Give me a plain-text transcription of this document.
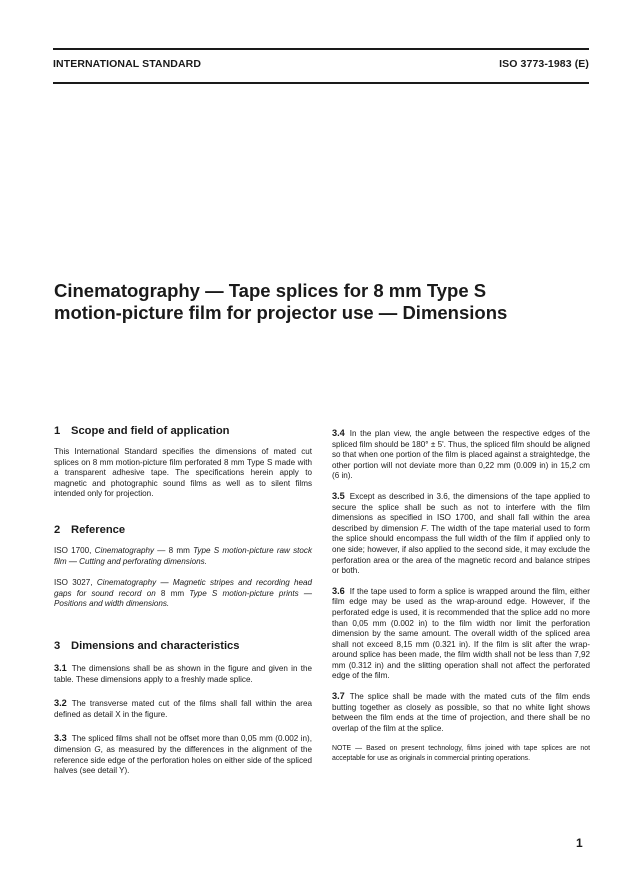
INTERNATIONAL STANDARD	ISO 3773-1983 (E)
Cinematography — Tape splices for 8 mm Type S
motion-picture film for projector use — Dimensions
1 Scope and field of application

This International Standard specifies the dimensions of mated cut splices on 8 mm motion-picture film perforated 8 mm Type S made with a transparent adhesive tape. The specifications herein apply to magnetic and photographic sound films as well as to silent films intended only for projection.

2 Reference

ISO 1700, Cinematography — 8 mm Type S motion-picture raw stock film — Cutting and perforating dimensions.

ISO 3027, Cinematography — Magnetic stripes and recording head gaps for sound record on 8 mm Type S motion-picture prints — Positions and width dimensions.

3 Dimensions and characteristics

3.1 The dimensions shall be as shown in the figure and given in the table. These dimensions apply to a freshly made splice.

3.2 The transverse mated cut of the films shall fall within the area defined as detail X in the figure.

3.3 The spliced films shall not be offset more than 0,05 mm (0.002 in), dimension G, as measured by the differences in the alignment of the reference side edge of the perforation holes on either side of the spliced halves (see detail Y).

3.4 In the plan view, the angle between the respective edges of the spliced film should be 180° ± 5'. Thus, the spliced film should be aligned so that when one portion of the film is placed against a straightedge, the other portion will not deviate more than 0,22 mm (0.009 in) in 15,2 cm (6 in).

3.5 Except as described in 3.6, the dimensions of the tape applied to secure the splice shall be such as not to interfere with the film dimensions as specified in ISO 1700, and shall fall within the area described by dimension F. The width of the tape material used to form the splice should encompass the full width of the film if applied only to one side; however, if also applied to the second side, it may exclude the perforation area or the area of the magnetic record and balance stripes or both.

3.6 If the tape used to form a splice is wrapped around the film, either film edge may be used as the wrap-around edge. However, if the perforated edge is used, it is recommended that the splice add no more than 0,05 mm (0.002 in) to the film width nor limit the perforation dimension by the same amount. The overall width of the spliced area shall not exceed 8,15 mm (0.321 in). If the film is slit after the wrap-around splice has been made, the film width shall not be less than 7,92 mm (0.312 in) and the slitting operation shall not affect the perforated edge of the film.

3.7 The splice shall be made with the mated cuts of the film ends butting together as closely as possible, so that no white light shows between the film ends at the time of projection, and there shall be no overlap of the film at the splice.

NOTE — Based on present technology, films joined with tape splices are not acceptable for use as originals in commercial printing operations.

1
